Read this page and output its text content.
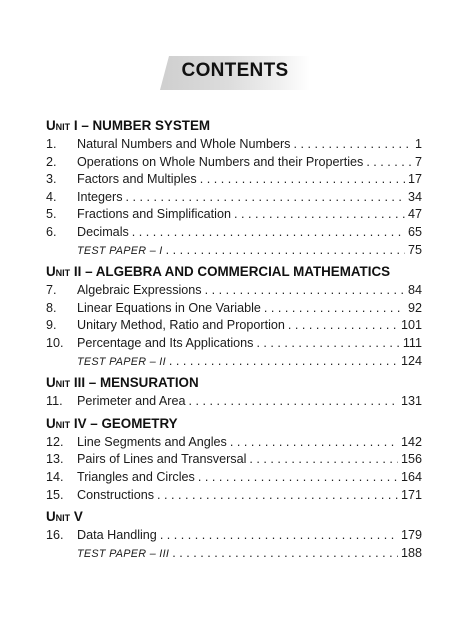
CONTENTS
Unit I – NUMBER SYSTEM
1.	Natural Numbers and Whole Numbers . . .	1
2.	Operations on Whole Numbers and their Properties . . .	7
3.	Factors and Multiples . . .	17
4.	Integers . . .	34
5.	Fractions and Simplification . . .	47
6.	Decimals . . .	65
TEST PAPER – I . . .	75
Unit II – ALGEBRA AND COMMERCIAL MATHEMATICS
7.	Algebraic Expressions . . .	84
8.	Linear Equations in One Variable . . .	92
9.	Unitary Method, Ratio and Proportion . . .	101
10.	Percentage and Its Applications . . .	111
TEST PAPER – II . . .	124
Unit III – MENSURATION
11.	Perimeter and Area . . .	131
Unit IV – GEOMETRY
12.	Line Segments and Angles . . .	142
13.	Pairs of Lines and Transversal . . .	156
14.	Triangles and Circles . . .	164
15.	Constructions . . .	171
Unit V
16.	Data Handling . . .	179
TEST PAPER – III . . .	188
